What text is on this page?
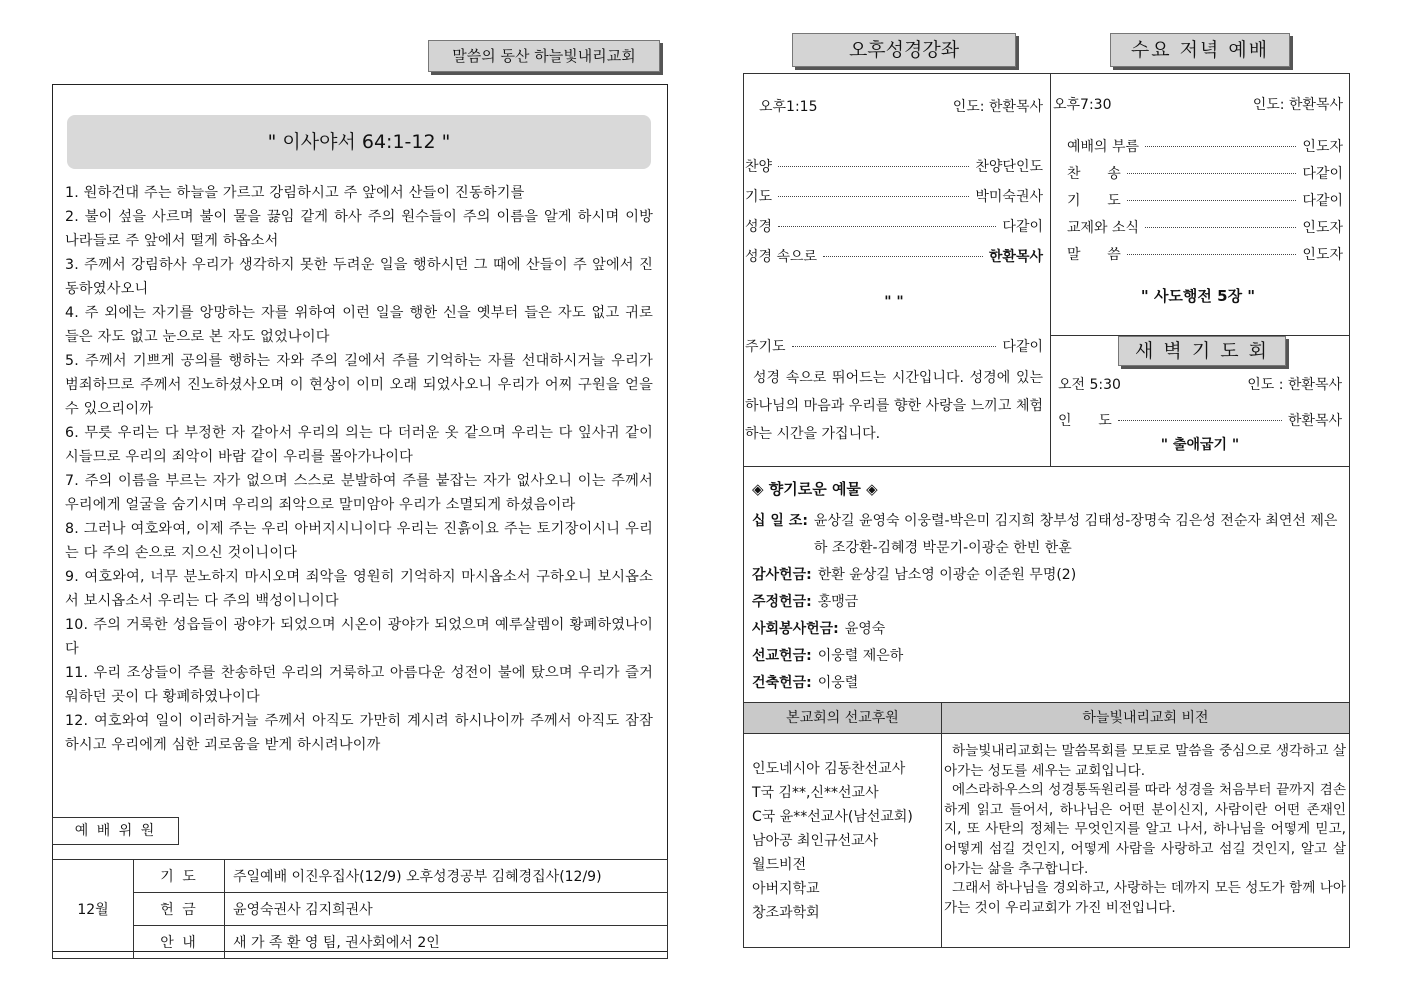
말씀의 동산 하늘빛내리교회
" 이사야서 64:1-12 "

1. 원하건대 주는 하늘을 가르고 강림하시고 주 앞에서 산들이 진동하기를

2. 불이 섶을 사르며 불이 물을 끓임 같게 하사 주의 원수들이 주의 이름을 알게 하시며 이방 나라들로 주 앞에서 떨게 하옵소서

3. 주께서 강림하사 우리가 생각하지 못한 두려운 일을 행하시던 그 때에 산들이 주 앞에서 진동하였사오니

4. 주 외에는 자기를 앙망하는 자를 위하여 이런 일을 행한 신을 옛부터 들은 자도 없고 귀로 들은 자도 없고 눈으로 본 자도 없었나이다

5. 주께서 기쁘게 공의를 행하는 자와 주의 길에서 주를 기억하는 자를 선대하시거늘 우리가 범죄하므로 주께서 진노하셨사오며 이 현상이 이미 오래 되었사오니 우리가 어찌 구원을 얻을 수 있으리이까

6. 무릇 우리는 다 부정한 자 같아서 우리의 의는 다 더러운 옷 같으며 우리는 다 잎사귀 같이 시들므로 우리의 죄악이 바람 같이 우리를 몰아가나이다

7. 주의 이름을 부르는 자가 없으며 스스로 분발하여 주를 붙잡는 자가 없사오니 이는 주께서 우리에게 얼굴을 숨기시며 우리의 죄악으로 말미암아 우리가 소멸되게 하셨음이라

8. 그러나 여호와여, 이제 주는 우리 아버지시니이다 우리는 진흙이요 주는 토기장이시니 우리는 다 주의 손으로 지으신 것이니이다

9. 여호와여, 너무 분노하지 마시오며 죄악을 영원히 기억하지 마시옵소서 구하오니 보시옵소서 보시옵소서 우리는 다 주의 백성이니이다

10. 주의 거룩한 성읍들이 광야가 되었으며 시온이 광야가 되었으며 예루살렘이 황폐하였나이다

11. 우리 조상들이 주를 찬송하던 우리의 거룩하고 아름다운 성전이 불에 탔으며 우리가 즐거워하던 곳이 다 황폐하였나이다

12. 여호와여 일이 이러하거늘 주께서 아직도 가만히 계시려 하시나이까 주께서 아직도 잠잠하시고 우리에게 심한 괴로움을 받게 하시려나이까

예 배 위 원
12월	기 도	주일예배 이진우집사(12/9) 오후성경공부 김혜경집사(12/9)
	헌 금	윤영숙권사 김지희권사
	안 내	새 가 족 환 영 팀, 권사회에서 2인
오후성경강좌	수요 저녁 예배
오후1:15	인도: 한환목사
찬양	찬양단인도
기도	박미숙권사
성경	다같이
성경 속으로	한환목사
" "
주기도	다같이
성경 속으로 뛰어드는 시간입니다. 성경에 있는 하나님의 마음과 우리를 향한 사랑을 느끼고 체험하는 시간을 가집니다.
오후7:30	인도: 한환목사
예배의 부름	인도자
찬      송	다같이
기      도	다같이
교제와 소식	인도자
말      씀	인도자
" 사도행전 5장 "
새 벽 기 도 회
오전 5:30	인도 : 한환목사
인      도	한환목사
" 출애굽기 "
◈ 향기로운 예물 ◈
십 일 조: 윤상길 윤영숙 이웅렬-박은미 김지희 창부성 김태성-장명숙 김은성 전순자 최연선 제은하 조강환-김혜경 박문기-이광순 한빈 한훈
감사헌금: 한환 윤상길 남소영 이광순 이준원 무명(2)
주정헌금: 홍맹금
사회봉사헌금: 윤영숙
선교헌금: 이웅렬 제은하
건축헌금: 이웅렬
본교회의 선교후원	하늘빛내리교회 비전
인도네시아 김동찬선교사
T국 김**,신**선교사
C국 윤**선교사(남선교회)
남아공 최인규선교사
월드비전
아버지학교
창조과학회

하늘빛내리교회는 말씀목회를 모토로 말씀을 중심으로 생각하고 살아가는 성도를 세우는 교회입니다.

에스라하우스의 성경통독원리를 따라 성경을 처음부터 끝까지 겸손하게 읽고 들어서, 하나님은 어떤 분이신지, 사람이란 어떤 존재인지, 또 사탄의 정체는 무엇인지를 알고 나서, 하나님을 어떻게 믿고, 어떻게 섬길 것인지, 어떻게 사람을 사랑하고 섬길 것인지, 알고 살아가는 삶을 추구합니다.

그래서 하나님을 경외하고, 사랑하는 데까지 모든 성도가 함께 나아가는 것이 우리교회가 가진 비전입니다.
